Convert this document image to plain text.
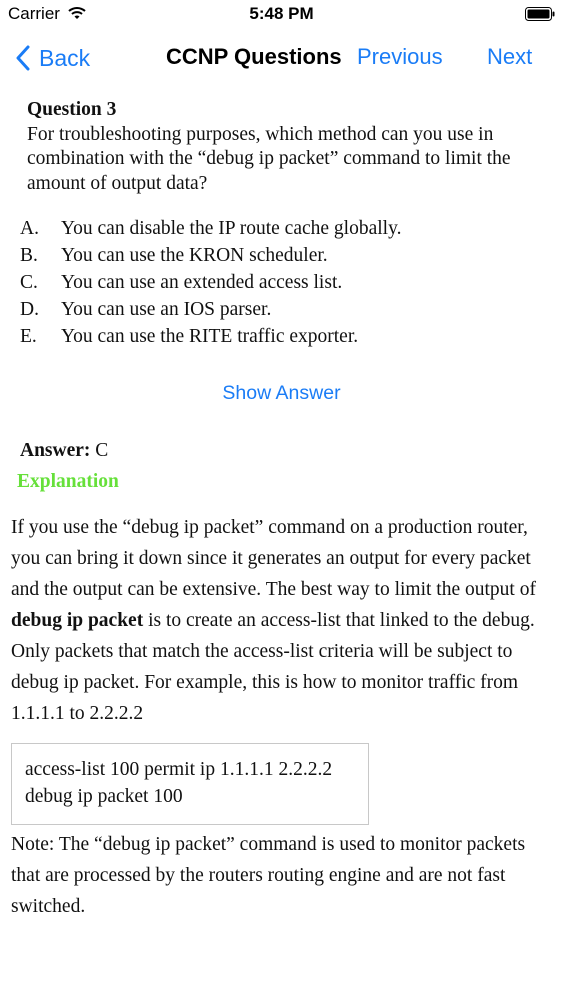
Carrier	5:48 PM
Back	CCNP Questions Previous Next
Question 3
For troubleshooting purposes, which method can you use in combination with the “debug ip packet” command to limit the amount of output data?
A.	You can disable the IP route cache globally.
B.	You can use the KRON scheduler.
C.	You can use an extended access list.
D.	You can use an IOS parser.
E.	You can use the RITE traffic exporter.
Show Answer
Answer: C
Explanation
If you use the “debug ip packet” command on a production router, you can bring it down since it generates an output for every packet and the output can be extensive. The best way to limit the output of debug ip packet is to create an access-list that linked to the debug. Only packets that match the access-list criteria will be subject to debug ip packet. For example, this is how to monitor traffic from 1.1.1.1 to 2.2.2.2
access-list 100 permit ip 1.1.1.1 2.2.2.2
debug ip packet 100
Note: The “debug ip packet” command is used to monitor packets that are processed by the routers routing engine and are not fast switched.
